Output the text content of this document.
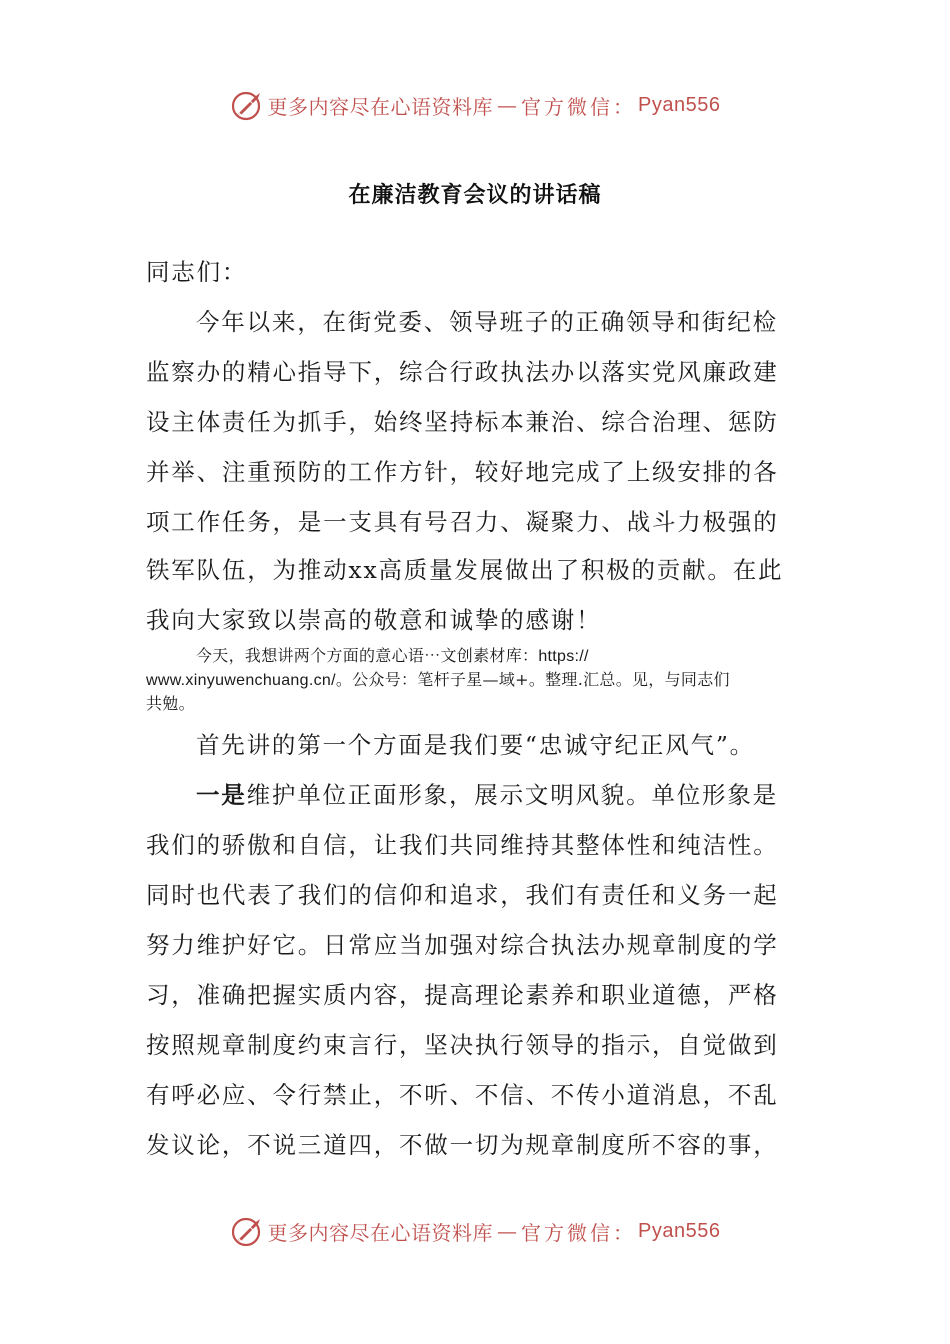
更多内容尽在心语资料库 — 官方微信： Pyan556
在廉洁教育会议的讲话稿
同志们：
今年以来，在街党委、领导班子的正确领导和街纪检
监察办的精心指导下，综合行政执法办以落实党风廉政建
设主体责任为抓手，始终坚持标本兼治、综合治理、惩防
并举、注重预防的工作方针，较好地完成了上级安排的各
项工作任务，是一支具有号召力、凝聚力、战斗力极强的
铁军队伍，为推动xx高质量发展做出了积极的贡献。在此
我向大家致以崇高的敬意和诚挚的感谢！
今天，我想讲两个方面的意心语⋯文创素材库：https://
www.xinyuwenchuang.cn/。公众号：笔杆子星—域+。整理.汇总。见，与同志们
共勉。
首先讲的第一个方面是我们要“忠诚守纪正风气”。
一是维护单位正面形象，展示文明风貌。单位形象是
我们的骄傲和自信，让我们共同维持其整体性和纯洁性。
同时也代表了我们的信仰和追求，我们有责任和义务一起
努力维护好它。日常应当加强对综合执法办规章制度的学
习，准确把握实质内容，提高理论素养和职业道德，严格
按照规章制度约束言行，坚决执行领导的指示，自觉做到
有呼必应、令行禁止，不听、不信、不传小道消息，不乱
发议论，不说三道四，不做一切为规章制度所不容的事，
更多内容尽在心语资料库 — 官方微信： Pyan556
